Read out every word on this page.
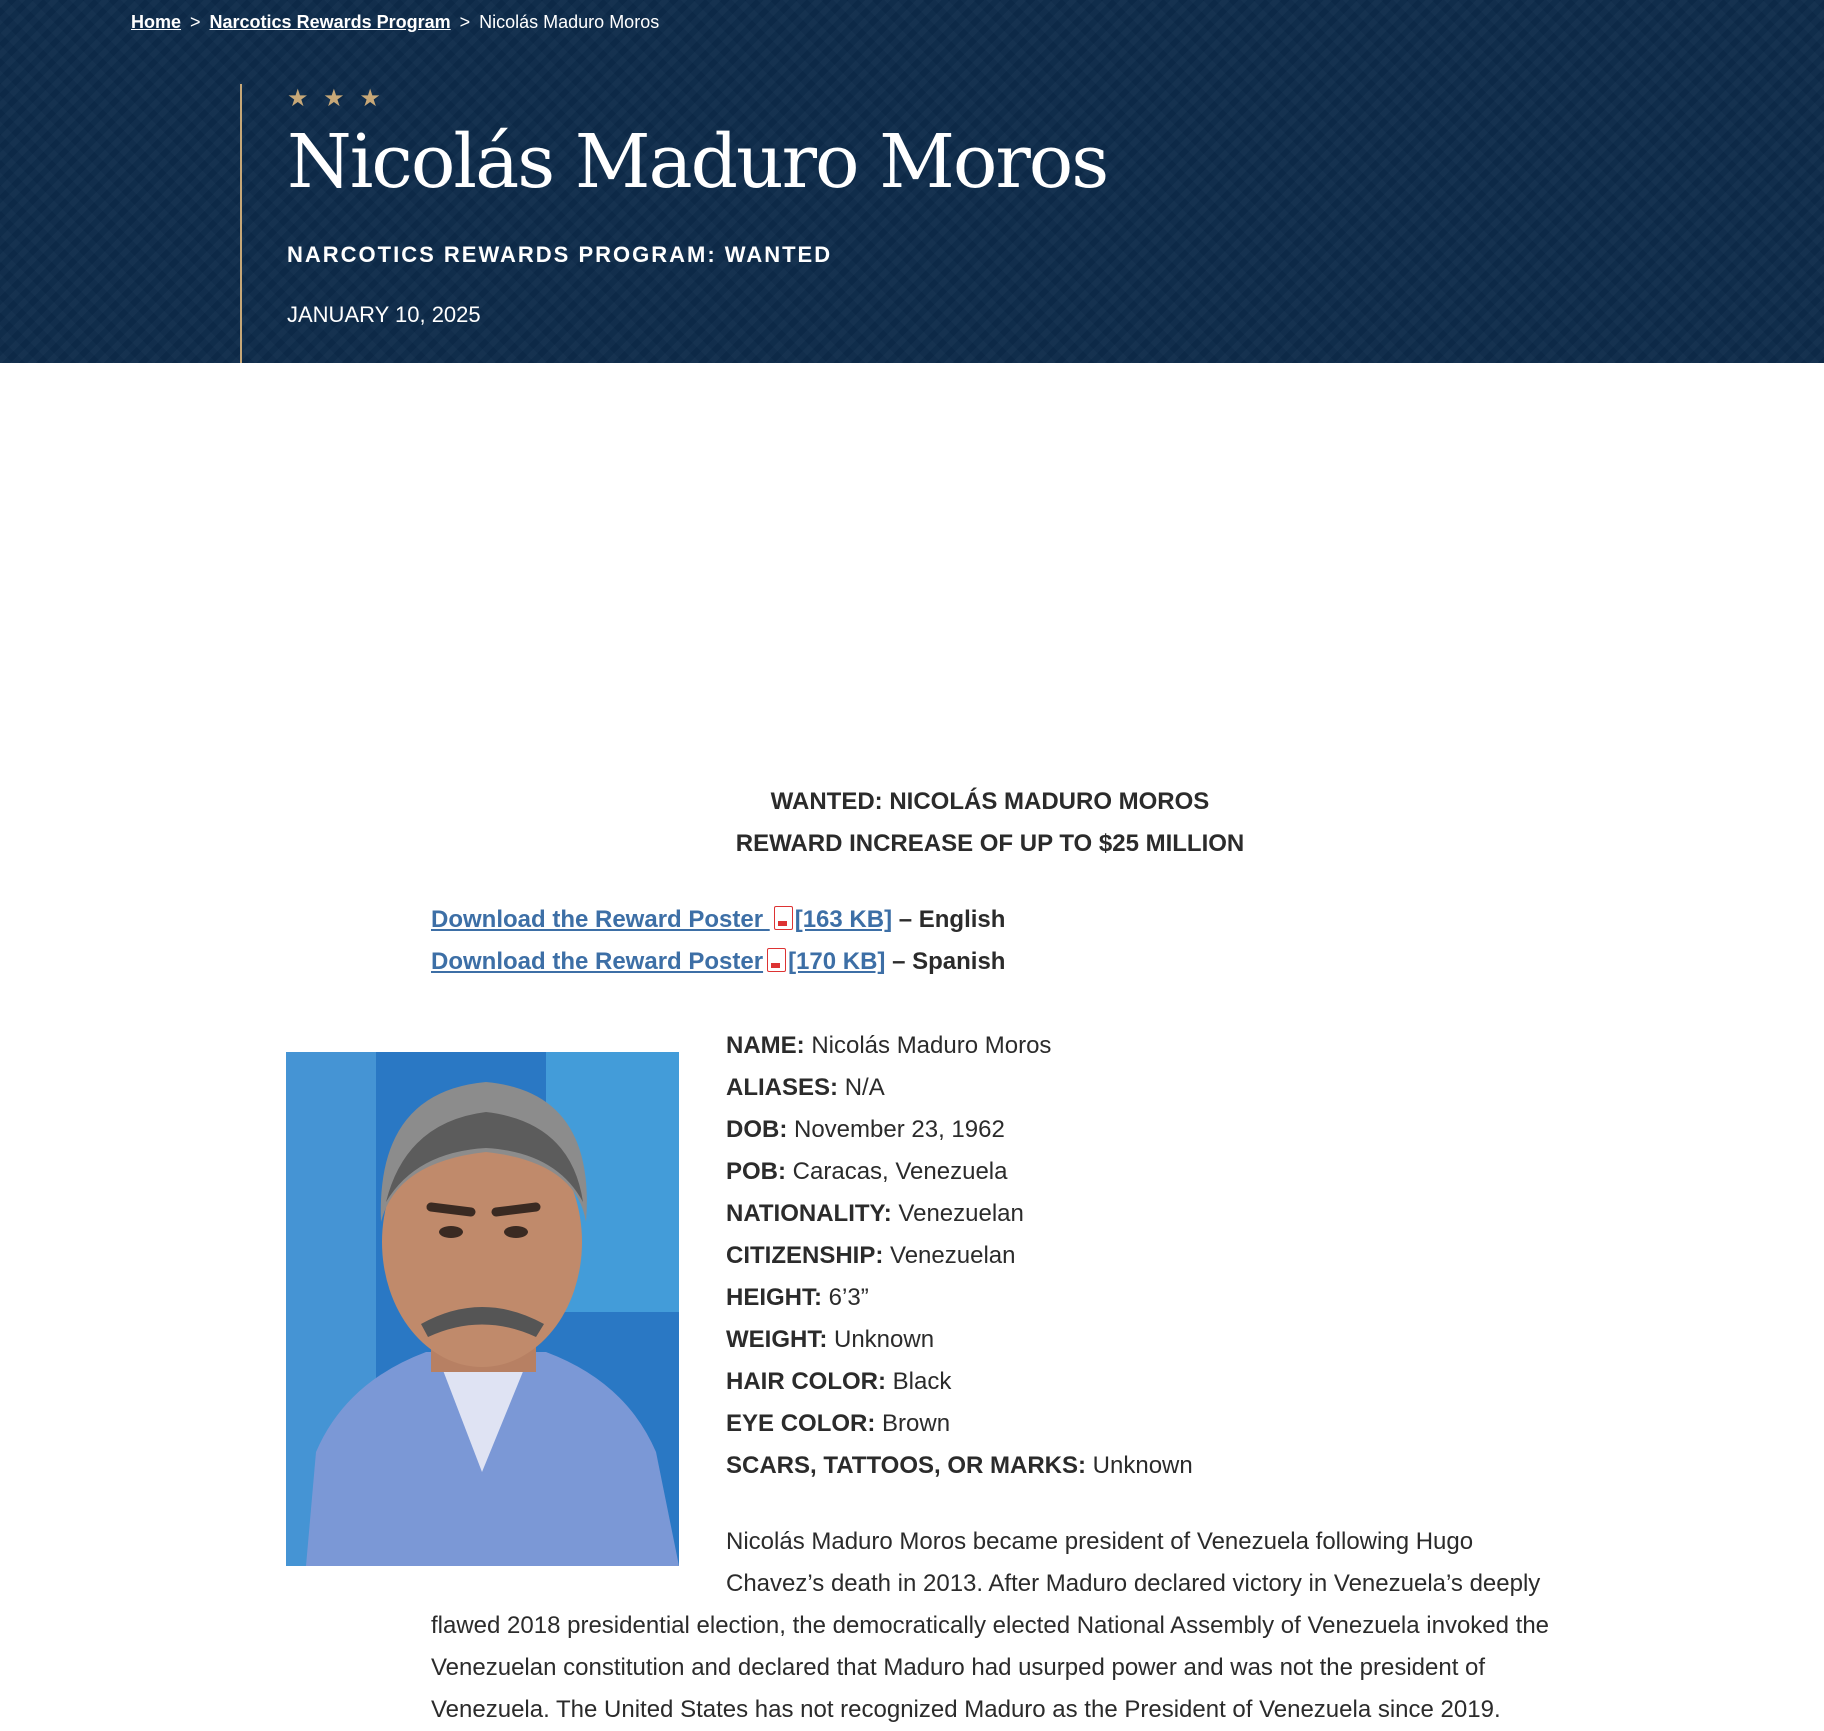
Home > Narcotics Rewards Program > Nicolás Maduro Moros
★ ★ ★
Nicolás Maduro Moros
NARCOTICS REWARDS PROGRAM: WANTED
JANUARY 10, 2025

WANTED: NICOLÁS MADURO MOROS

REWARD INCREASE OF UP TO $25 MILLION

Download the Reward Poster [163 KB] – English
Download the Reward Poster [170 KB] – Spanish
NAME: Nicolás Maduro Moros
ALIASES: N/A
DOB: November 23, 1962
POB: Caracas, Venezuela
NATIONALITY: Venezuelan
CITIZENSHIP: Venezuelan
HEIGHT: 6’3”
WEIGHT: Unknown
HAIR COLOR: Black
EYE COLOR: Brown
SCARS, TATTOOS, OR MARKS: Unknown
Nicolás Maduro Moros became president of Venezuela following Hugo Chavez’s death in 2013. After Maduro declared victory in Venezuela’s deeply
flawed 2018 presidential election, the democratically elected National Assembly of Venezuela invoked the Venezuelan constitution and declared that Maduro had usurped power and was not the president of Venezuela. The United States has not recognized Maduro as the President of Venezuela since 2019.
